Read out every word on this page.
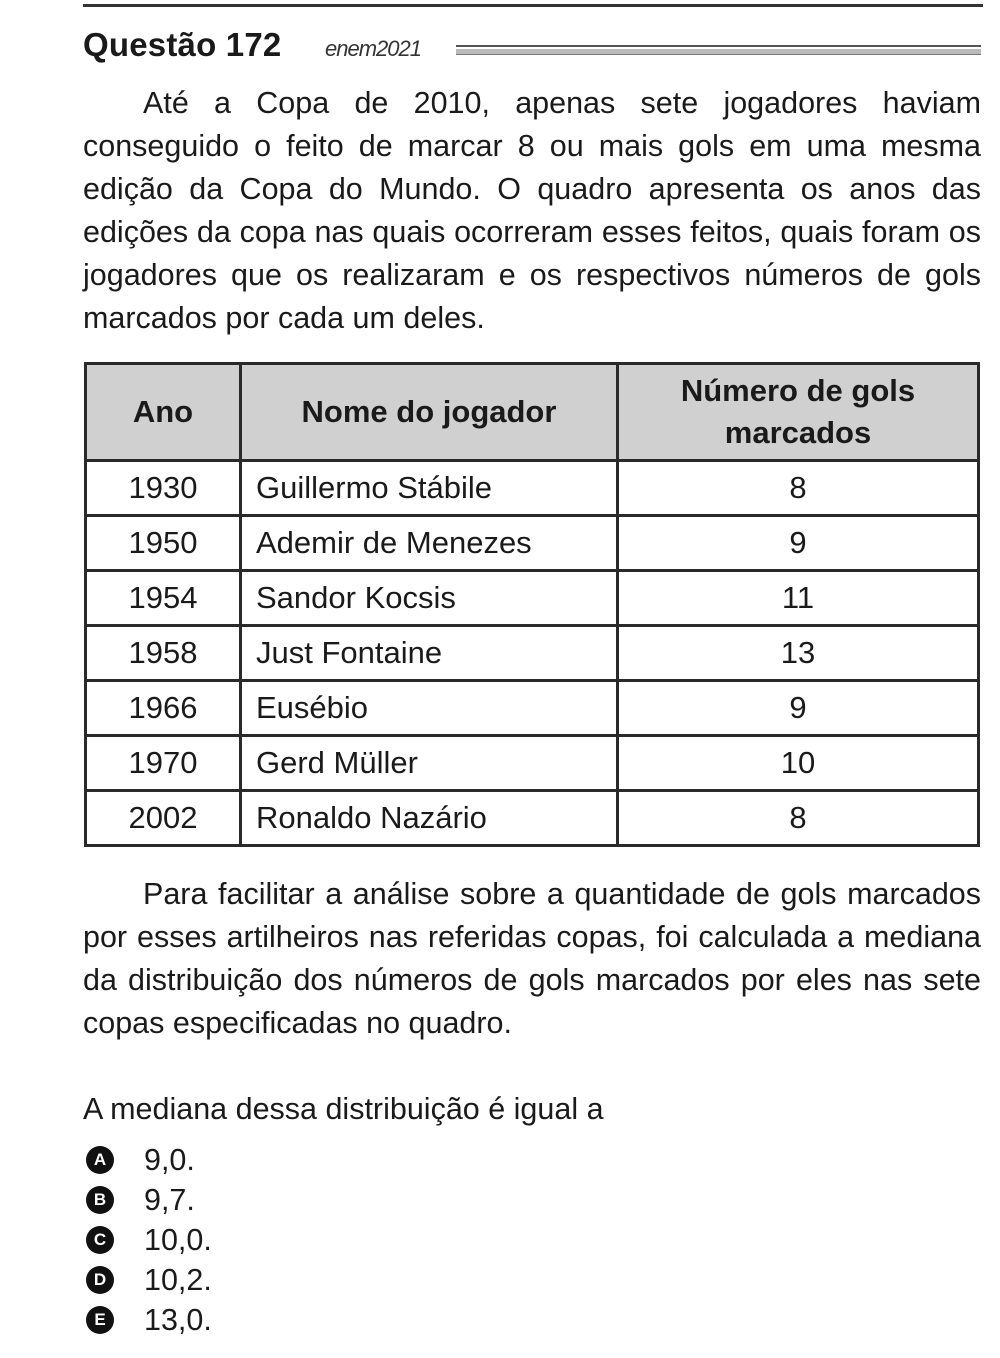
Questão 172 enem2021

Até a Copa de 2010, apenas sete jogadores haviam conseguido o feito de marcar 8 ou mais gols em uma mesma edição da Copa do Mundo. O quadro apresenta os anos das edições da copa nas quais ocorreram esses feitos, quais foram os jogadores que os realizaram e os respectivos números de gols marcados por cada um deles.

Ano	Nome do jogador	Número de gols marcados
1930	Guillermo Stábile	8
1950	Ademir de Menezes	9
1954	Sandor Kocsis	11
1958	Just Fontaine	13
1966	Eusébio	9
1970	Gerd Müller	10
2002	Ronaldo Nazário	8

Para facilitar a análise sobre a quantidade de gols marcados por esses artilheiros nas referidas copas, foi calculada a mediana da distribuição dos números de gols marcados por eles nas sete copas especificadas no quadro.

A mediana dessa distribuição é igual a

A 9,0.
B 9,7.
C 10,0.
D 10,2.
E 13,0.
